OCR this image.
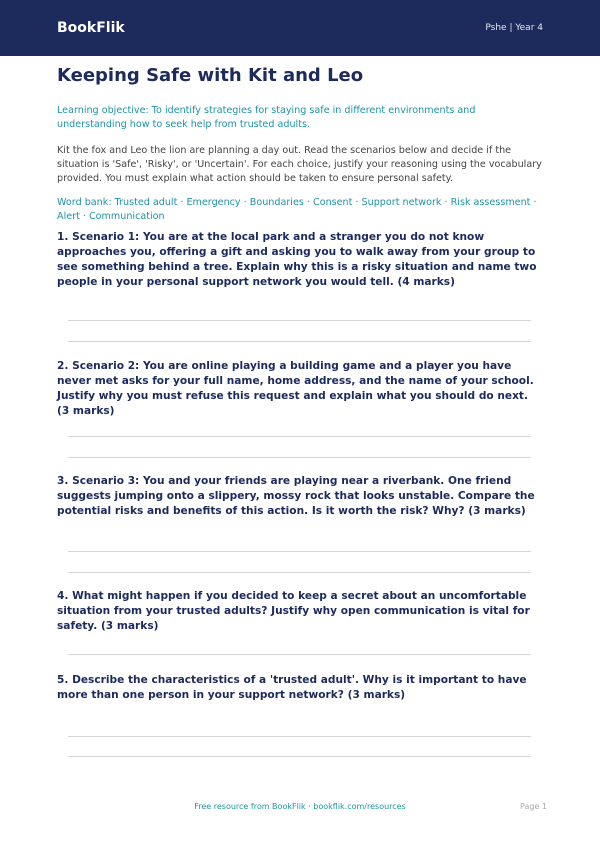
BookFlik	Pshe | Year 4
Keeping Safe with Kit and Leo
Learning objective: To identify strategies for staying safe in different environments and understanding how to seek help from trusted adults.
Kit the fox and Leo the lion are planning a day out. Read the scenarios below and decide if the situation is 'Safe', 'Risky', or 'Uncertain'. For each choice, justify your reasoning using the vocabulary provided. You must explain what action should be taken to ensure personal safety.
Word bank: Trusted adult · Emergency · Boundaries · Consent · Support network · Risk assessment · Alert · Communication
1. Scenario 1: You are at the local park and a stranger you do not know approaches you, offering a gift and asking you to walk away from your group to see something behind a tree. Explain why this is a risky situation and name two people in your personal support network you would tell. (4 marks)
2. Scenario 2: You are online playing a building game and a player you have never met asks for your full name, home address, and the name of your school. Justify why you must refuse this request and explain what you should do next. (3 marks)
3. Scenario 3: You and your friends are playing near a riverbank. One friend suggests jumping onto a slippery, mossy rock that looks unstable. Compare the potential risks and benefits of this action. Is it worth the risk? Why? (3 marks)
4. What might happen if you decided to keep a secret about an uncomfortable situation from your trusted adults? Justify why open communication is vital for safety. (3 marks)
5. Describe the characteristics of a 'trusted adult'. Why is it important to have more than one person in your support network? (3 marks)
Free resource from BookFlik · bookflik.com/resources	Page 1
